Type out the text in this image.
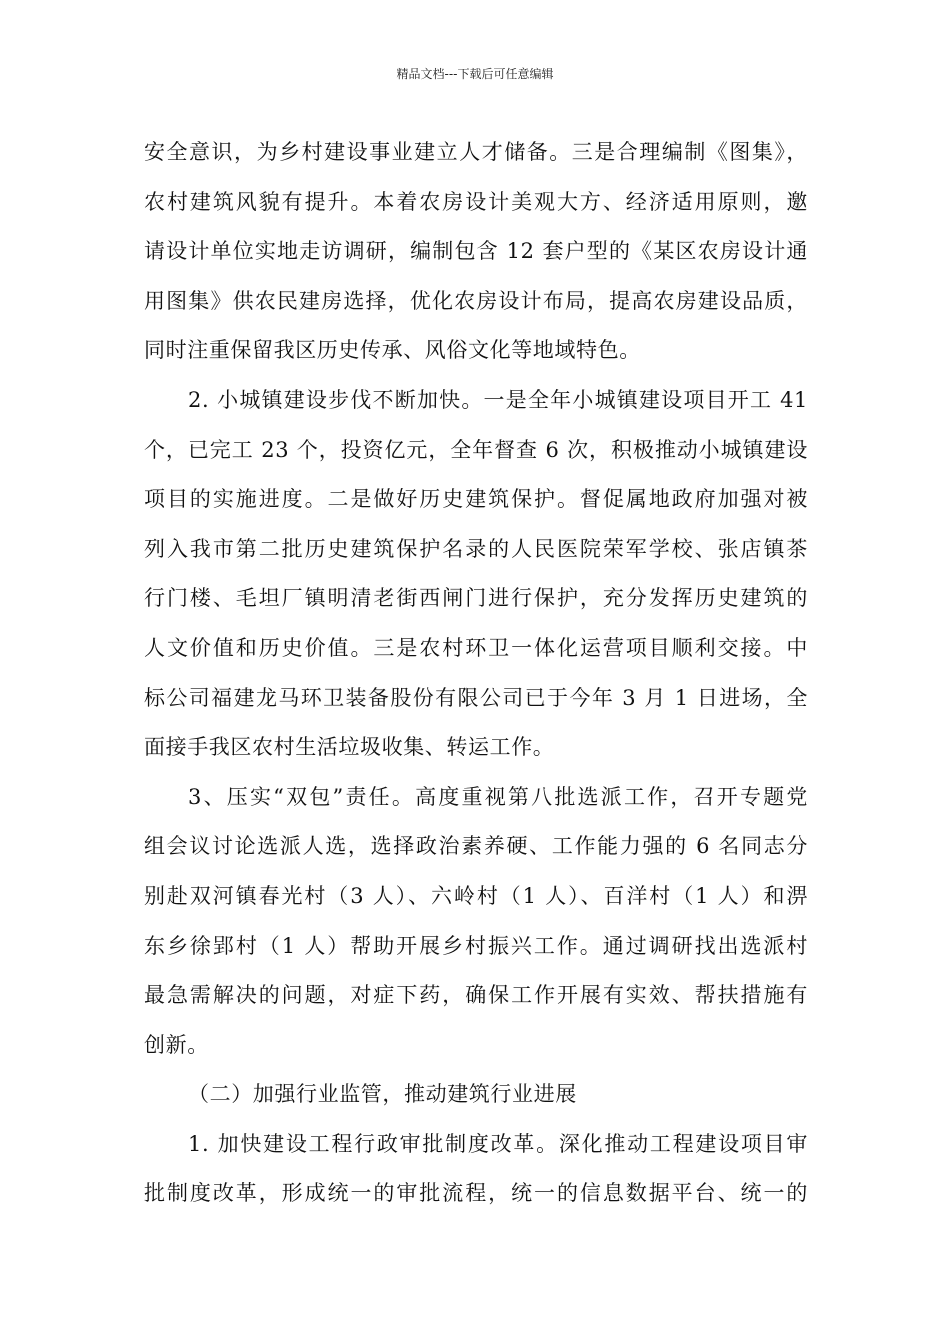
精品文档---下载后可任意编辑
安全意识，为乡村建设事业建立人才储备。三是合理编制《图集》，
农村建筑风貌有提升。本着农房设计美观大方、经济适用原则，邀
请设计单位实地走访调研，编制包含 12 套户型的《某区农房设计通
用图集》供农民建房选择，优化农房设计布局，提高农房建设品质，
同时注重保留我区历史传承、风俗文化等地域特色。
2. 小城镇建设步伐不断加快。一是全年小城镇建设项目开工 41
个，已完工 23 个，投资亿元，全年督查 6 次，积极推动小城镇建设
项目的实施进度。二是做好历史建筑保护。督促属地政府加强对被
列入我市第二批历史建筑保护名录的人民医院荣军学校、张店镇茶
行门楼、毛坦厂镇明清老街西闸门进行保护，充分发挥历史建筑的
人文价值和历史价值。三是农村环卫一体化运营项目顺利交接。中
标公司福建龙马环卫装备股份有限公司已于今年 3 月 1 日进场，全
面接手我区农村生活垃圾收集、转运工作。
3、压实“双包”责任。高度重视第八批选派工作，召开专题党
组会议讨论选派人选，选择政治素养硬、工作能力强的 6 名同志分
别赴双河镇春光村（3 人）、六岭村（1 人）、百洋村（1 人）和淠
东乡徐郢村（1 人）帮助开展乡村振兴工作。通过调研找出选派村
最急需解决的问题，对症下药，确保工作开展有实效、帮扶措施有
创新。
（二）加强行业监管，推动建筑行业进展
1. 加快建设工程行政审批制度改革。深化推动工程建设项目审
批制度改革，形成统一的审批流程，统一的信息数据平台、统一的
